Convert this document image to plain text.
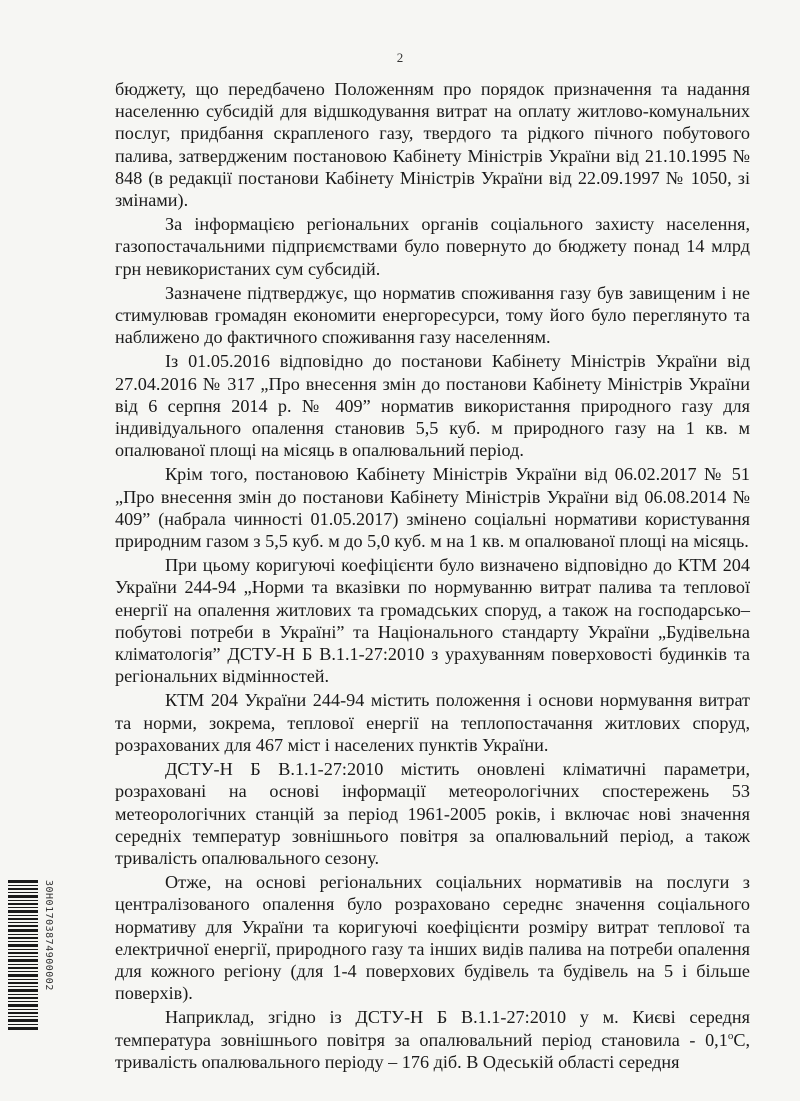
2

бюджету, що передбачено Положенням про порядок призначення та надання населенню субсидій для відшкодування витрат на оплату житлово-комунальних послуг, придбання скрапленого газу, твердого та рідкого пічного побутового палива, затвердженим постановою Кабінету Міністрів України від 21.10.1995 № 848 (в редакції постанови Кабінету Міністрів України від 22.09.1997 № 1050, зі змінами).

За інформацією регіональних органів соціального захисту населення, газопостачальними підприємствами було повернуто до бюджету понад 14 млрд грн невикористаних сум субсидій.

Зазначене підтверджує, що норматив споживання газу був завищеним і не стимулював громадян економити енергоресурси, тому його було переглянуто та наближено до фактичного споживання газу населенням.

Із 01.05.2016 відповідно до постанови Кабінету Міністрів України від 27.04.2016 № 317 „Про внесення змін до постанови Кабінету Міністрів України від 6 серпня 2014 р. № 409” норматив використання природного газу для індивідуального опалення становив 5,5 куб. м природного газу на 1 кв. м опалюваної площі на місяць в опалювальний період.

Крім того, постановою Кабінету Міністрів України від 06.02.2017 № 51 „Про внесення змін до постанови Кабінету Міністрів України від 06.08.2014 № 409” (набрала чинності 01.05.2017) змінено соціальні нормативи користування природним газом з 5,5 куб. м до 5,0 куб. м на 1 кв. м опалюваної площі на місяць.

При цьому коригуючі коефіцієнти було визначено відповідно до КТМ 204 України 244-94 „Норми та вказівки по нормуванню витрат палива та теплової енергії на опалення житлових та громадських споруд, а також на господарсько–побутові потреби в Україні” та Національного стандарту України „Будівельна кліматологія” ДСТУ-Н Б В.1.1-27:2010 з урахуванням поверховості будинків та регіональних відмінностей.

КТМ 204 України 244-94 містить положення і основи нормування витрат та норми, зокрема, теплової енергії на теплопостачання житлових споруд, розрахованих для 467 міст і населених пунктів України.

ДСТУ-Н Б В.1.1-27:2010 містить оновлені кліматичні параметри, розраховані на основі інформації метеорологічних спостережень 53 метеорологічних станцій за період 1961-2005 років, і включає нові значення середніх температур зовнішнього повітря за опалювальний період, а також тривалість опалювального сезону.

Отже, на основі регіональних соціальних нормативів на послуги з централізованого опалення було розраховано середнє значення соціального нормативу для України та коригуючі коефіцієнти розміру витрат теплової та електричної енергії, природного газу та інших видів палива на потреби опалення для кожного регіону (для 1-4 поверхових будівель та будівель на 5 і більше поверхів).

Наприклад, згідно із ДСТУ-Н Б В.1.1-27:2010 у м. Києві середня температура зовнішнього повітря за опалювальний період становила - $0,1^оС$, тривалість опалювального періоду – 176 діб. В Одеській області середня

30Н01703874900002
